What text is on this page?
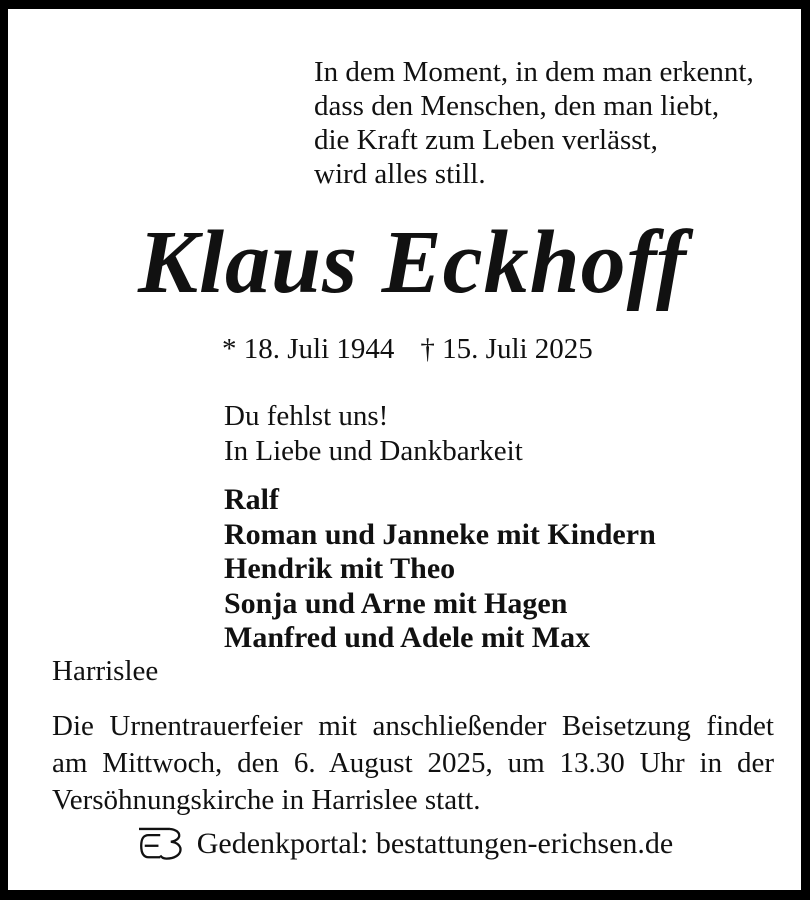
In dem Moment, in dem man erkennt,
dass den Menschen, den man liebt,
die Kraft zum Leben verlässt,
wird alles still.
Klaus Eckhoff
* 18. Juli 1944 † 15. Juli 2025
Du fehlst uns!
In Liebe und Dankbarkeit
Ralf
Roman und Janneke mit Kindern
Hendrik mit Theo
Sonja und Arne mit Hagen
Manfred und Adele mit Max
Harrislee
Die Urnentrauerfeier mit anschließender Beisetzung findet
am Mittwoch, den 6. August 2025, um 13.30 Uhr in der
Versöhnungskirche in Harrislee statt.
Gedenkportal: bestattungen-erichsen.de
